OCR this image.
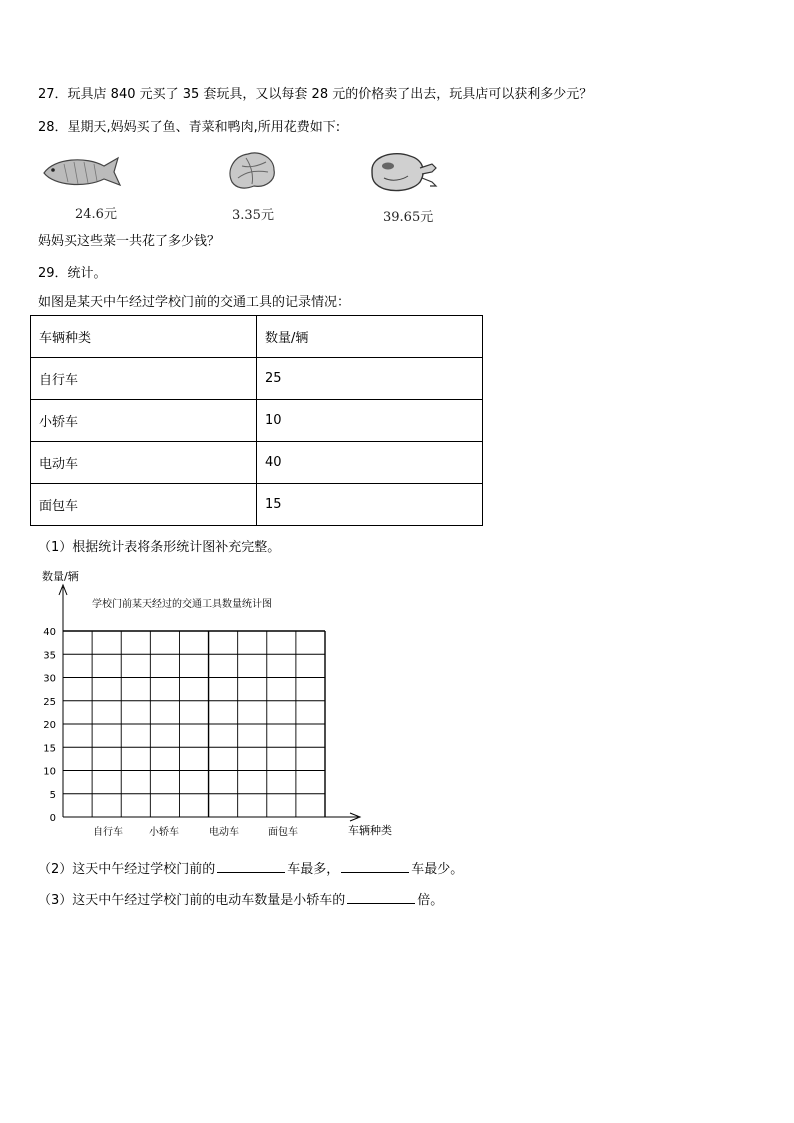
27．玩具店 840 元买了 35 套玩具，又以每套 28 元的价格卖了出去，玩具店可以获利多少元？
28．星期天,妈妈买了鱼、青菜和鸭肉,所用花费如下:
24.6元	3.35元	39.65元
妈妈买这些菜一共花了多少钱？
29．统计。
如图是某天中午经过学校门前的交通工具的记录情况：
车辆种类	数量/辆
自行车	25
小轿车	10
电动车	40
面包车	15
（1）根据统计表将条形统计图补充完整。
数量/辆
学校门前某天经过的交通工具数量统计图
车辆种类
0
5
10
15
20
25
30
35
40
自行车	小轿车	电动车	面包车
（2）这天中午经过学校门前的	车最多，	车最少。
（3）这天中午经过学校门前的电动车数量是小轿车的	倍。
